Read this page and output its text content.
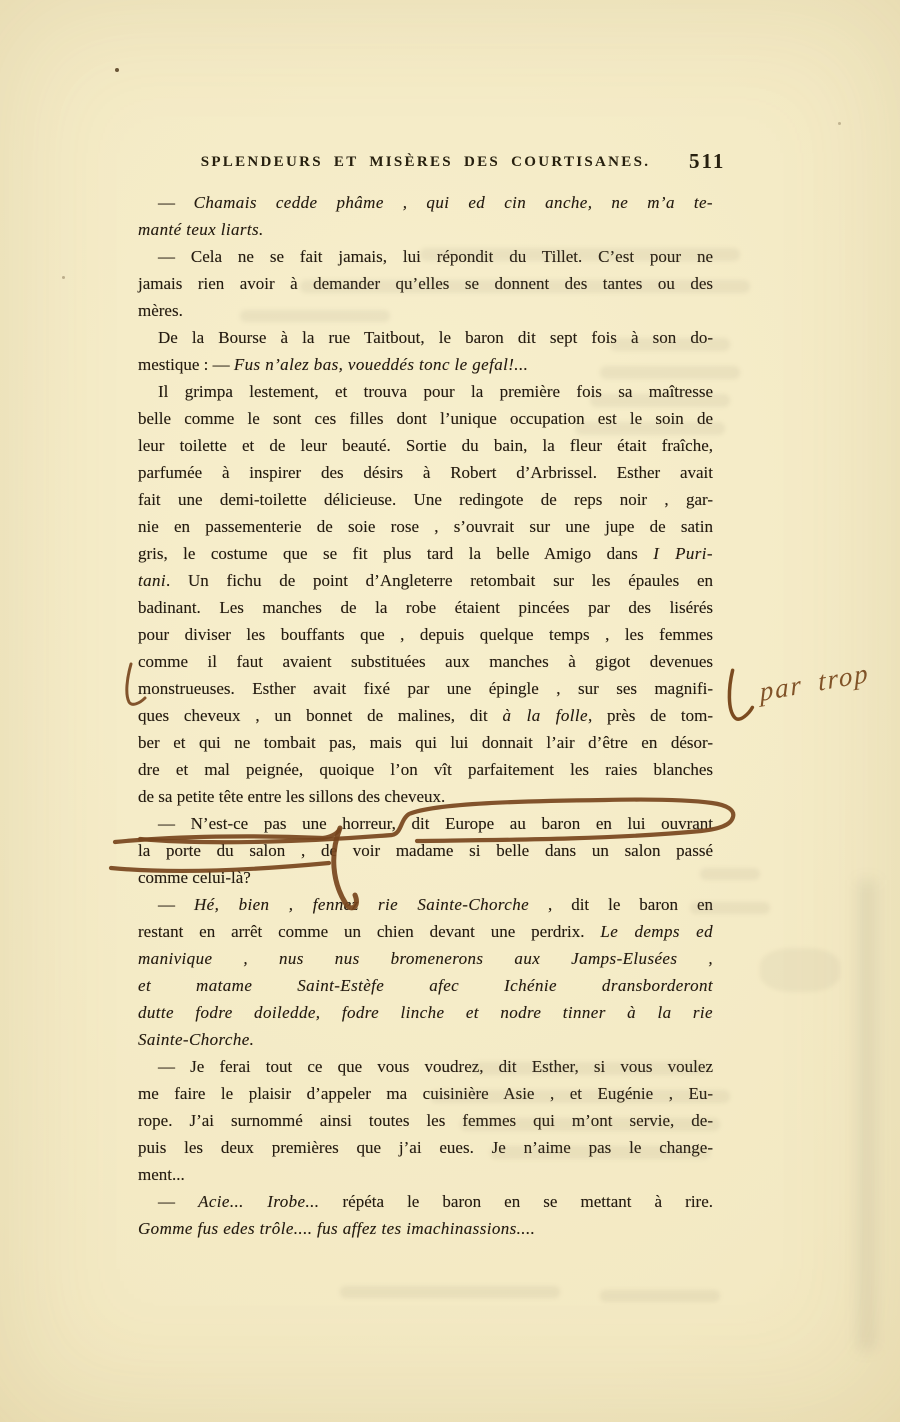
SPLENDEURS ET MISÈRES DES COURTISANES.	511
— Chamais cedde phâme , qui ed cin anche, ne m’a te-
manté teux liarts.
— Cela ne se fait jamais, lui répondit du Tillet. C’est pour ne
jamais rien avoir à demander qu’elles se donnent des tantes ou des
mères.
De la Bourse à la rue Taitbout, le baron dit sept fois à son do-
mestique : — Fus n’alez bas, voueddés tonc le gefal!...
Il grimpa lestement, et trouva pour la première fois sa maîtresse
belle comme le sont ces filles dont l’unique occupation est le soin de
leur toilette et de leur beauté. Sortie du bain, la fleur était fraîche,
parfumée à inspirer des désirs à Robert d’Arbrissel. Esther avait
fait une demi-toilette délicieuse. Une redingote de reps noir , gar-
nie en passementerie de soie rose , s’ouvrait sur une jupe de satin
gris, le costume que se fit plus tard la belle Amigo dans I Puri-
tani. Un fichu de point d’Angleterre retombait sur les épaules en
badinant. Les manches de la robe étaient pincées par des lisérés
pour diviser les bouffants que , depuis quelque temps , les femmes
comme il faut avaient substituées aux manches à gigot devenues
monstrueuses. Esther avait fixé par une épingle , sur ses magnifi-
ques cheveux , un bonnet de malines, dit à la folle, près de tom-
ber et qui ne tombait pas, mais qui lui donnait l’air d’être en désor-
dre et mal peignée, quoique l’on vît parfaitement les raies blanches
de sa petite tête entre les sillons des cheveux.
— N’est-ce pas une horreur, dit Europe au baron en lui ouvrant
la porte du salon , de voir madame si belle dans un salon passé
comme celui-là?
— Hé, bien , fennez rie Sainte-Chorche , dit le baron en
restant en arrêt comme un chien devant une perdrix. Le demps ed
manivique , nus nus bromenerons aux Jamps-Elusées ,
et matame Saint-Estèfe afec Ichénie dransborderont
dutte fodre doiledde, fodre linche et nodre tinner à la rie
Sainte-Chorche.
— Je ferai tout ce que vous voudrez, dit Esther, si vous voulez
me faire le plaisir d’appeler ma cuisinière Asie , et Eugénie , Eu-
rope. J’ai surnommé ainsi toutes les femmes qui m’ont servie, de-
puis les deux premières que j’ai eues. Je n’aime pas le change-
ment...
— Acie... Irobe... répéta le baron en se mettant à rire.
Gomme fus edes trôle.... fus affez tes imachinassions....
par trop
